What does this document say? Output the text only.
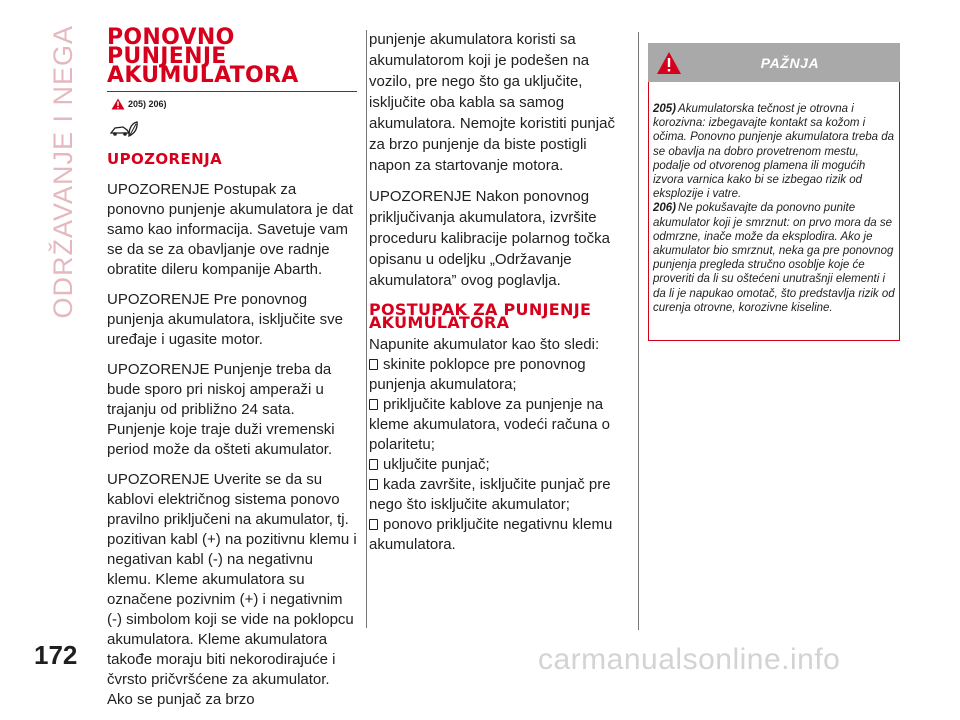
ODRŽAVANJE I NEGA
172	carmanualsonline.info
PONOVNO PUNJENJE AKUMULATORA
205) 206)
UPOZORENJA

UPOZORENJE Postupak za ponovno punjenje akumulatora je dat samo kao informacija. Savetuje vam se da se za obavljanje ove radnje obratite dileru kompanije Abarth.

UPOZORENJE Pre ponovnog punjenja akumulatora, isključite sve uređaje i ugasite motor.

UPOZORENJE Punjenje treba da bude sporo pri niskoj amperaži u trajanju od približno 24 sata. Punjenje koje traje duži vremenski period može da ošteti akumulator.

UPOZORENJE Uverite se da su kablovi električnog sistema ponovo pravilno priključeni na akumulator, tj. pozitivan kabl (+) na pozitivnu klemu i negativan kabl (-) na negativnu klemu. Kleme akumulatora su označene pozivnim (+) i negativnim (-) simbolom koji se vide na poklopcu akumulatora. Kleme akumulatora takođe moraju biti nekorodirajuće i čvrsto pričvršćene za akumulator. Ako se punjač za brzo

punjenje akumulatora koristi sa akumulatorom koji je podešen na vozilo, pre nego što ga uključite, isključite oba kabla sa samog akumulatora. Nemojte koristiti punjač za brzo punjenje da biste postigli napon za startovanje motora.

UPOZORENJE Nakon ponovnog priključivanja akumulatora, izvršite proceduru kalibracije polarnog točka opisanu u odeljku „Održavanje akumulatora” ovog poglavlja.

POSTUPAK ZA PUNJENJE AKUMULATORA
Napunite akumulator kao što sledi:
skinite poklopce pre ponovnog punjenja akumulatora;
priključite kablove za punjenje na kleme akumulatora, vodeći računa o polaritetu;
uključite punjač;
kada završite, isključite punjač pre nego što isključite akumulator;
ponovo priključite negativnu klemu akumulatora.
PAŽNJA

205) Akumulatorska tečnost je otrovna i korozivna: izbegavajte kontakt sa kožom i očima. Ponovno punjenje akumulatora treba da se obavlja na dobro provetrenom mestu, podalje od otvorenog plamena ili mogućih izvora varnica kako bi se izbegao rizik od eksplozije i vatre.

206) Ne pokušavajte da ponovno punite akumulator koji je smrznut: on prvo mora da se odmrzne, inače može da eksplodira. Ako je akumulator bio smrznut, neka ga pre ponovnog punjenja pregleda stručno osoblje koje će proveriti da li su oštećeni unutrašnji elementi i da li je napukao omotač, što predstavlja rizik od curenja otrovne, korozivne kiseline.
